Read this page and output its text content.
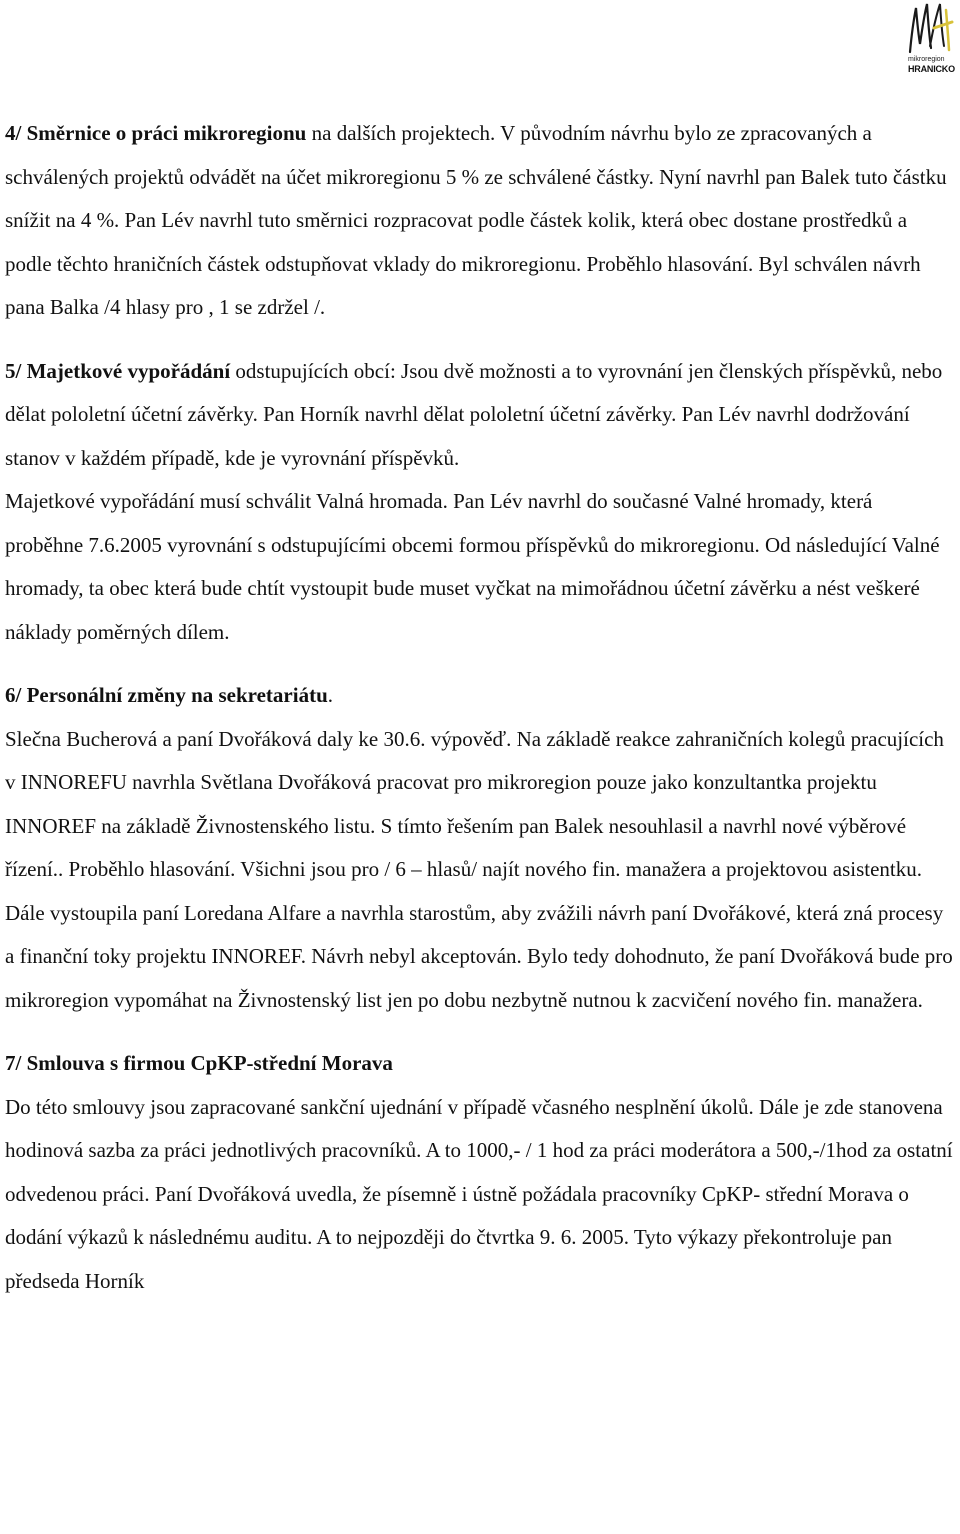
mikroregion
HRANICKO

4/ Směrnice o práci mikroregionu na dalších projektech. V původním návrhu bylo ze zpracovaných a schválených projektů odvádět na účet mikroregionu 5 % ze schválené částky. Nyní navrhl pan Balek tuto částku snížit na 4 %. Pan Lév navrhl tuto směrnici rozpracovat podle částek kolik, která obec dostane prostředků a podle těchto hraničních částek odstupňovat vklady do mikroregionu. Proběhlo hlasování. Byl schválen návrh pana Balka /4 hlasy pro , 1 se zdržel /.

5/ Majetkové vypořádání odstupujících obcí: Jsou dvě možnosti a to vyrovnání jen členských příspěvků, nebo dělat pololetní účetní závěrky. Pan Horník navrhl dělat pololetní účetní závěrky. Pan Lév navrhl dodržování stanov v každém případě, kde je vyrovnání příspěvků.

Majetkové vypořádání musí schválit Valná hromada. Pan Lév navrhl do současné Valné hromady, která proběhne 7.6.2005 vyrovnání s odstupujícími obcemi formou příspěvků do mikroregionu. Od následující Valné hromady, ta obec která bude chtít vystoupit bude muset vyčkat na mimořádnou účetní závěrku a nést veškeré náklady poměrných dílem.

6/ Personální změny na sekretariátu.

Slečna Bucherová a paní Dvořáková daly ke 30.6. výpověď. Na základě reakce zahraničních kolegů pracujících v INNOREFU navrhla Světlana Dvořáková pracovat pro mikroregion pouze jako konzultantka projektu INNOREF na základě Živnostenského listu. S tímto řešením pan Balek nesouhlasil a navrhl nové výběrové řízení.. Proběhlo hlasování. Všichni jsou pro / 6 – hlasů/ najít nového fin. manažera a projektovou asistentku.

Dále vystoupila paní Loredana Alfare a navrhla starostům, aby zvážili návrh paní Dvořákové, která zná procesy a finanční toky projektu INNOREF. Návrh nebyl akceptován. Bylo tedy dohodnuto, že paní Dvořáková bude pro mikroregion vypomáhat na Živnostenský list jen po dobu nezbytně nutnou k zacvičení nového fin. manažera.

7/ Smlouva s firmou CpKP-střední Morava

Do této smlouvy jsou zapracované sankční ujednání v případě včasného nesplnění úkolů. Dále je zde stanovena hodinová sazba za práci jednotlivých pracovníků. A to 1000,- / 1 hod za práci moderátora a 500,-/1hod za ostatní odvedenou práci. Paní Dvořáková uvedla, že písemně i ústně požádala pracovníky CpKP- střední Morava o dodání výkazů k následnému auditu. A to nejpozději do čtvrtka 9. 6. 2005. Tyto výkazy překontroluje pan předseda Horník
